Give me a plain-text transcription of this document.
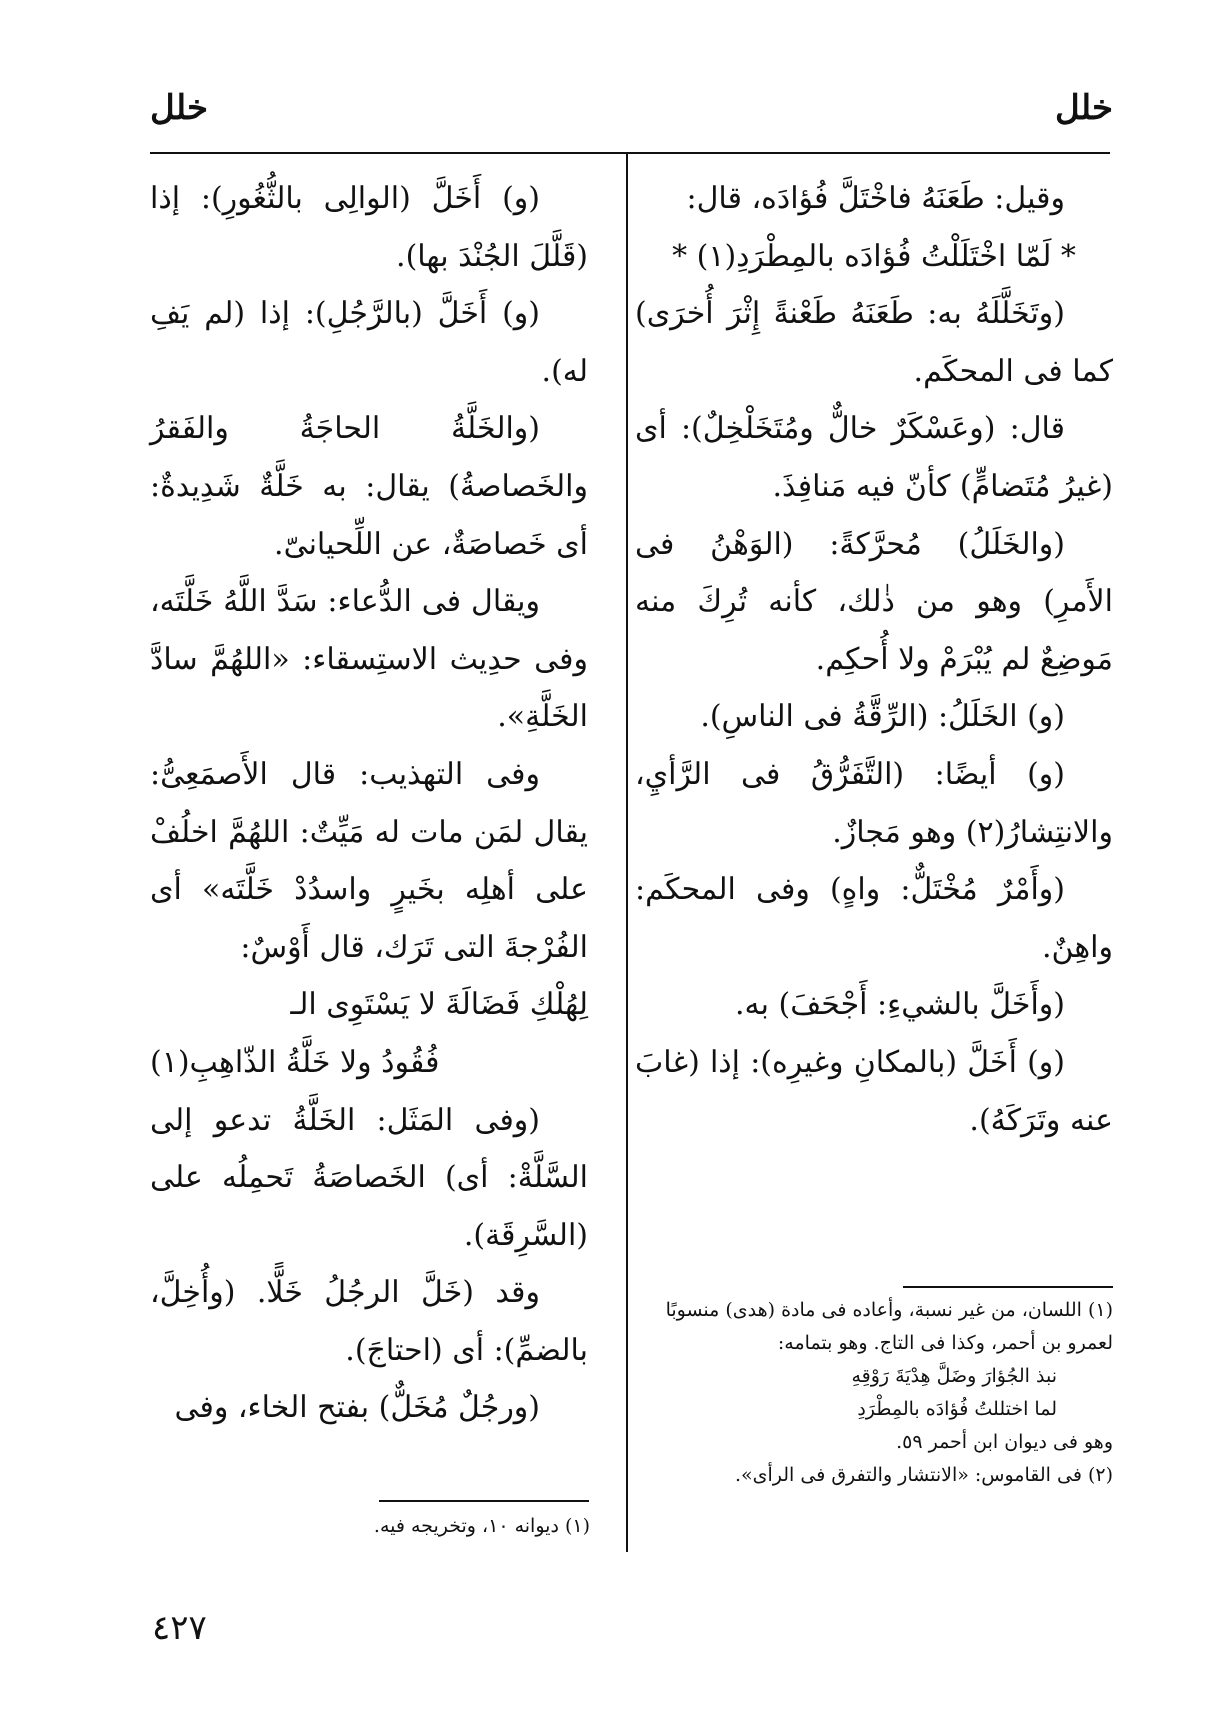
خلل
خلل

وقيل: طَعَنَهُ فاخْتَلَّ فُؤادَه، قال:

* لَمّا اخْتَلَلْتُ فُؤادَه بالمِطْرَدِ(١) *

(وتَخَلَّلَهُ به: طَعَنَهُ طَعْنةً إِثْرَ أُخرَى) كما فى المحكَم.

قال: (وعَسْكَرٌ خالٌّ ومُتَخَلْخِلٌ): أى (غيرُ مُتَضامٍّ) كأنّ فيه مَنافِذَ.

(والخَلَلُ) مُحرَّكةً: (الوَهْنُ فى الأَمرِ) وهو من ذٰلك، كأنه تُرِكَ منه مَوضِعٌ لم يُبْرَمْ ولا أُحكِم.

(و) الخَلَلُ: (الرِّقَّةُ فى الناسِ).

(و) أيضًا: (التَّفَرُّقُ فى الرَّأيِ، والانتِشارُ(٢) وهو مَجازٌ.

(وأَمْرٌ مُخْتَلٌّ: واهٍ) وفى المحكَم: واهِنٌ.

(وأَخَلَّ بالشيءِ: أَجْحَفَ) به.

(و) أَخَلَّ (بالمكانِ وغيرِه): إذا (غابَ عنه وتَرَكَهُ).

(١) اللسان، من غير نسبة، وأعاده فى مادة (هدى) منسوبًا لعمرو بن أحمر، وكذا فى التاج. وهو بتمامه:

نبذ الجُؤارَ وضَلَّ هِدْيَةَ رَوْقِهِ

لما اختللتُ فُؤادَه بالمِطْرَدِ

وهو فى ديوان ابن أحمر ٥٩.

(٢) فى القاموس: «الانتشار والتفرق فى الرأى».

(و) أَخَلَّ (الوالِى بالثُّغُورِ): إذا (قَلَّلَ الجُنْدَ بها).

(و) أَخَلَّ (بالرَّجُلِ): إذا (لم يَفِ له).

(والخَلَّةُ الحاجَةُ والفَقرُ والخَصاصةُ) يقال: به خَلَّةٌ شَدِيدةٌ: أى خَصاصَةٌ، عن اللِّحيانىّ.

ويقال فى الدُّعاء: سَدَّ اللَّهُ خَلَّتَه، وفى حدِيث الاستِسقاء: «اللهُمَّ سادَّ الخَلَّةِ».

وفى التهذيب: قال الأَصمَعِىُّ: يقال لمَن مات له مَيِّتٌ: اللهُمَّ اخلُفْ على أهلِه بخَيرٍ واسدُدْ خَلَّتَه» أى الفُرْجةَ التى تَرَك، قال أَوْسٌ:

لِهُلْكِ فَضَالَةَ لا يَسْتَوِى الـ
فُقُودُ ولا خَلَّةُ الذّاهِبِ(١)

(وفى المَثَل: الخَلَّةُ تدعو إلى السَّلَّةْ: أى) الخَصاصَةُ تَحمِلُه على (السَّرِقَة).

وقد (خَلَّ الرجُلُ خَلًّا. (وأُخِلَّ، بالضمِّ): أى (احتاجَ).

(ورجُلٌ مُخَلٌّ) بفتح الخاء، وفى

(١) ديوانه ١٠، وتخريجه فيه.

٤٢٧
